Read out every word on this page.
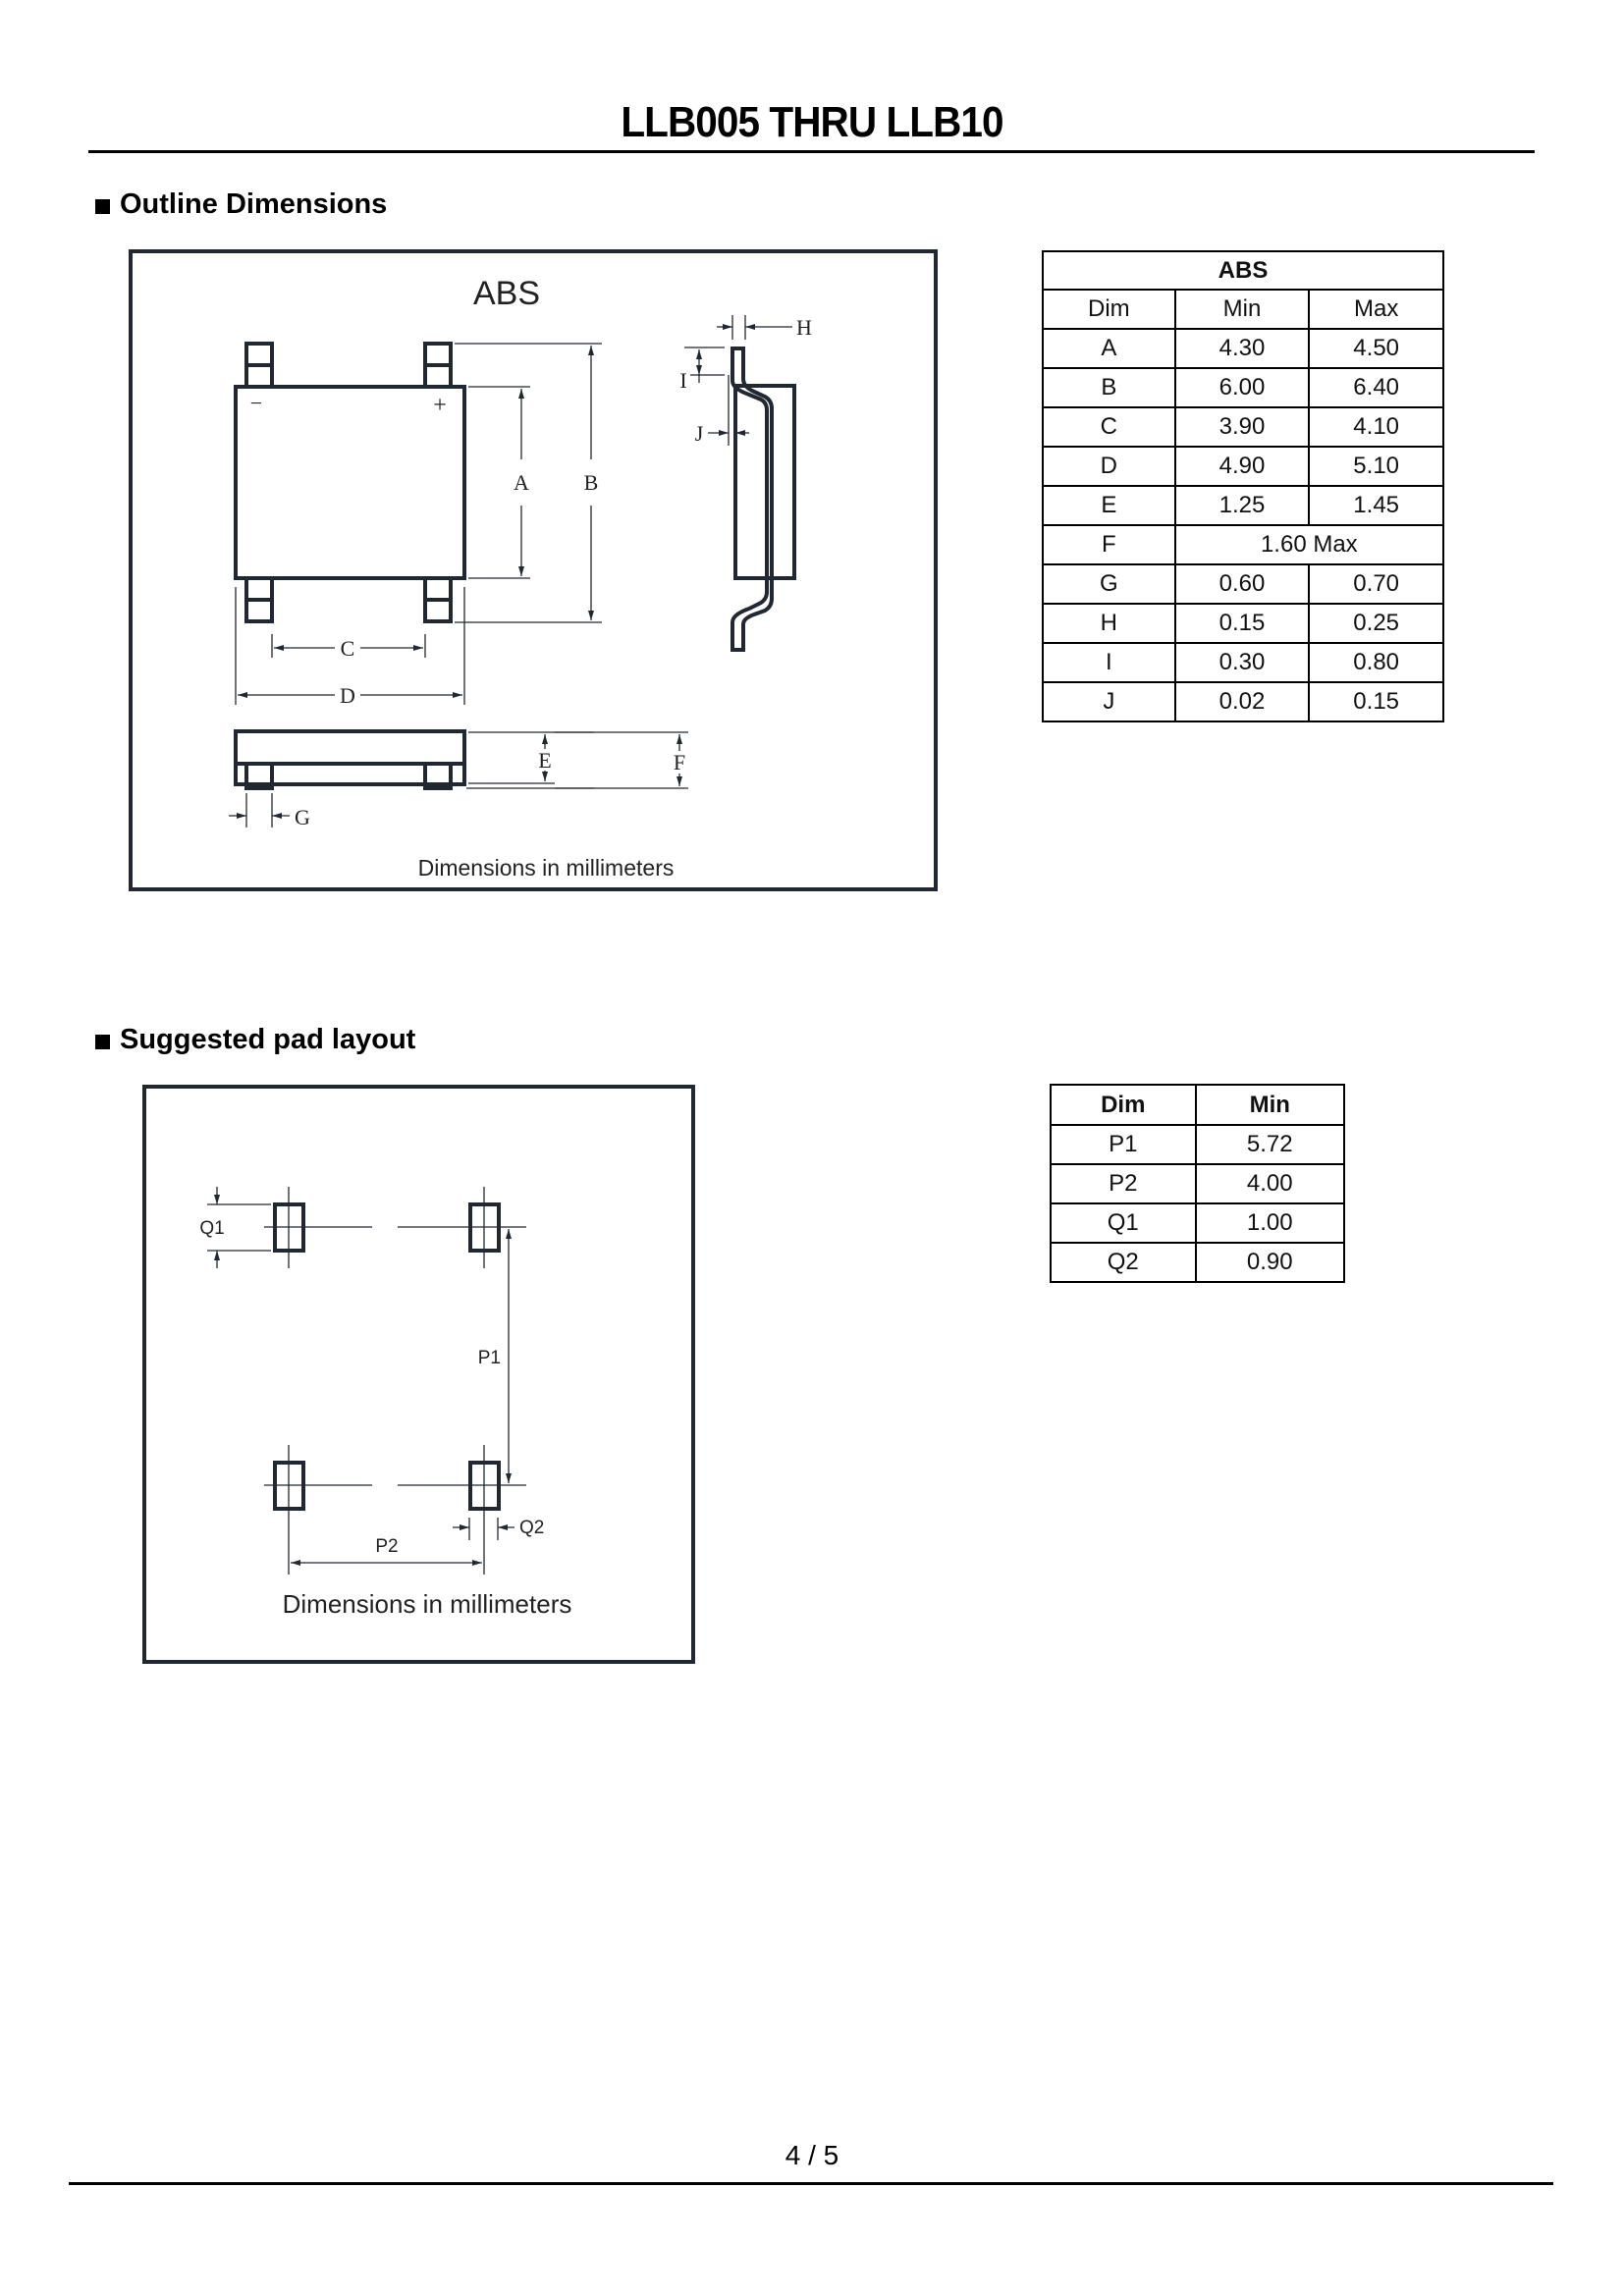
LLB005 THRU LLB10
Outline Dimensions
ABS
−	+
A	B
C
D
E	F
G
H
I
J
Dimensions in millimeters
ABS		
Dim	Min	Max
A	4.30	4.50
B	6.00	6.40
C	3.90	4.10
D	4.90	5.10
E	1.25	1.45
F	1.60 Max	
G	0.60	0.70
H	0.15	0.25
I	0.30	0.80
J	0.02	0.15
Suggested pad layout
Q1
P1
P2
Q2
Dimensions in millimeters
Dim	Min
P1	5.72
P2	4.00
Q1	1.00
Q2	0.90
4 / 5
